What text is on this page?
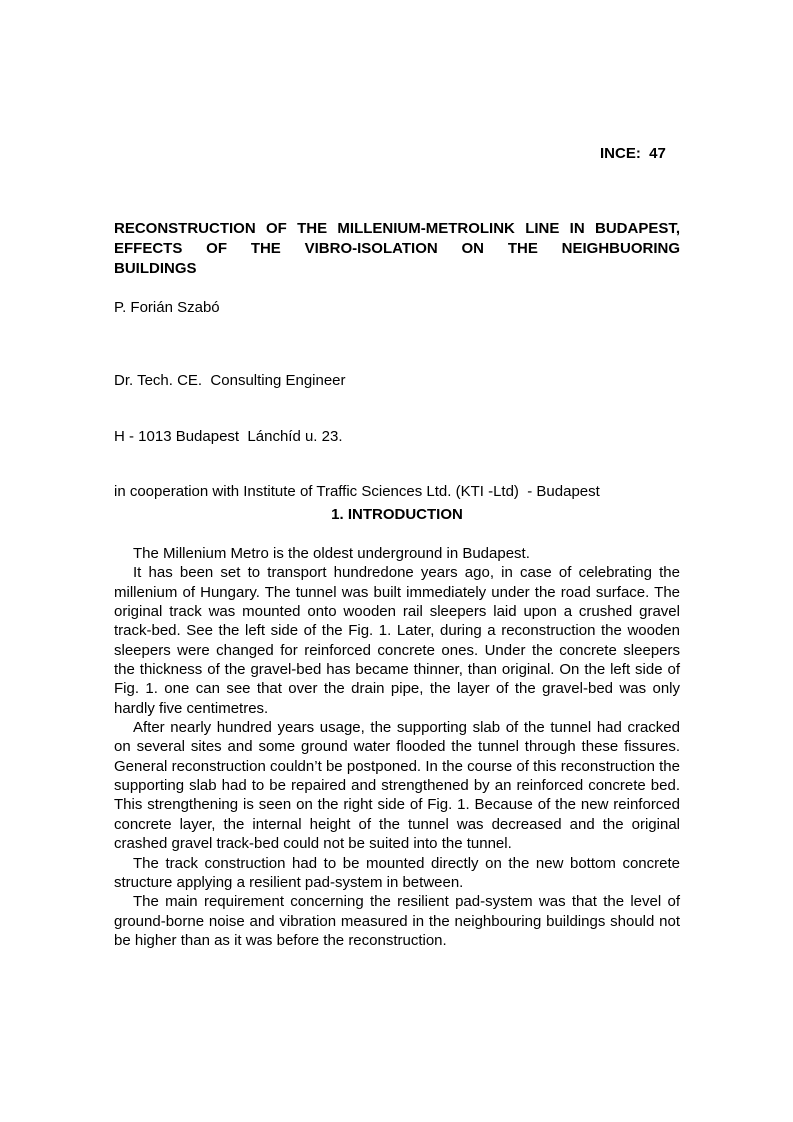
INCE:  47
RECONSTRUCTION OF THE MILLENIUM-METROLINK LINE IN BUDAPEST,
EFFECTS OF THE VIBRO-ISOLATION ON THE NEIGHBUORING
BUILDINGS
P. Forián Szabó

Dr. Tech. CE.  Consulting Engineer

H - 1013 Budapest  Lánchíd u. 23.

in cooperation with Institute of Traffic Sciences Ltd. (KTI -Ltd)  - Budapest

1. INTRODUCTION

The Millenium Metro is the oldest underground in Budapest.

It has been set to transport hundredone years ago, in case of celebrating the millenium of Hungary. The tunnel was built immediately under the road surface. The original track was mounted onto wooden rail sleepers laid upon a crushed gravel track-bed. See the left side of the Fig. 1. Later, during a reconstruction the wooden sleepers were changed for reinforced concrete ones. Under the concrete sleepers the thickness of the gravel-bed has became thinner, than original. On the left side of Fig. 1. one can see that over the drain pipe, the layer of the gravel-bed was only hardly five centimetres.

After nearly hundred years usage, the supporting slab of the tunnel had cracked on several sites and some ground water flooded the tunnel through these fissures. General reconstruction couldn’t be postponed. In the course of this reconstruction the supporting slab had to be repaired and strengthened by an reinforced concrete bed. This strengthening is seen on the right side of Fig. 1. Because of the new reinforced concrete layer, the internal height of the tunnel was decreased and the original crashed gravel track-bed could not be suited into the tunnel.

The track construction had to be mounted directly on the new bottom concrete structure applying a resilient pad-system in between.

The main requirement concerning the resilient pad-system was that the level of ground-borne noise and vibration measured in the neighbouring buildings should not be higher than as it was before the reconstruction.
